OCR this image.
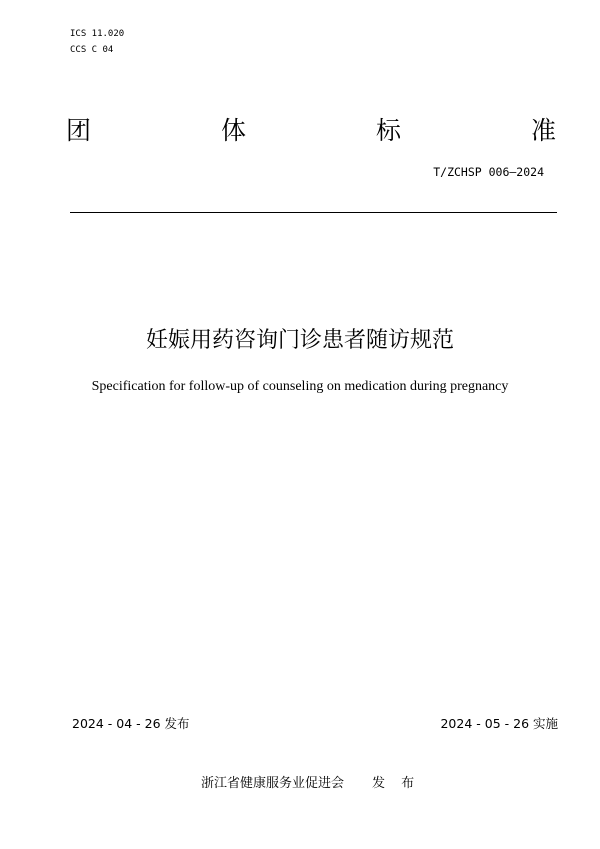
ICS 11.020
CCS C 04
团	体	标	准
T/ZCHSP 006—2024
妊娠用药咨询门诊患者随访规范
Specification for follow-up of counseling on medication during pregnancy
2024 - 04 - 26 发布	2024 - 05 - 26 实施
浙江省健康服务业促进会 发 布
